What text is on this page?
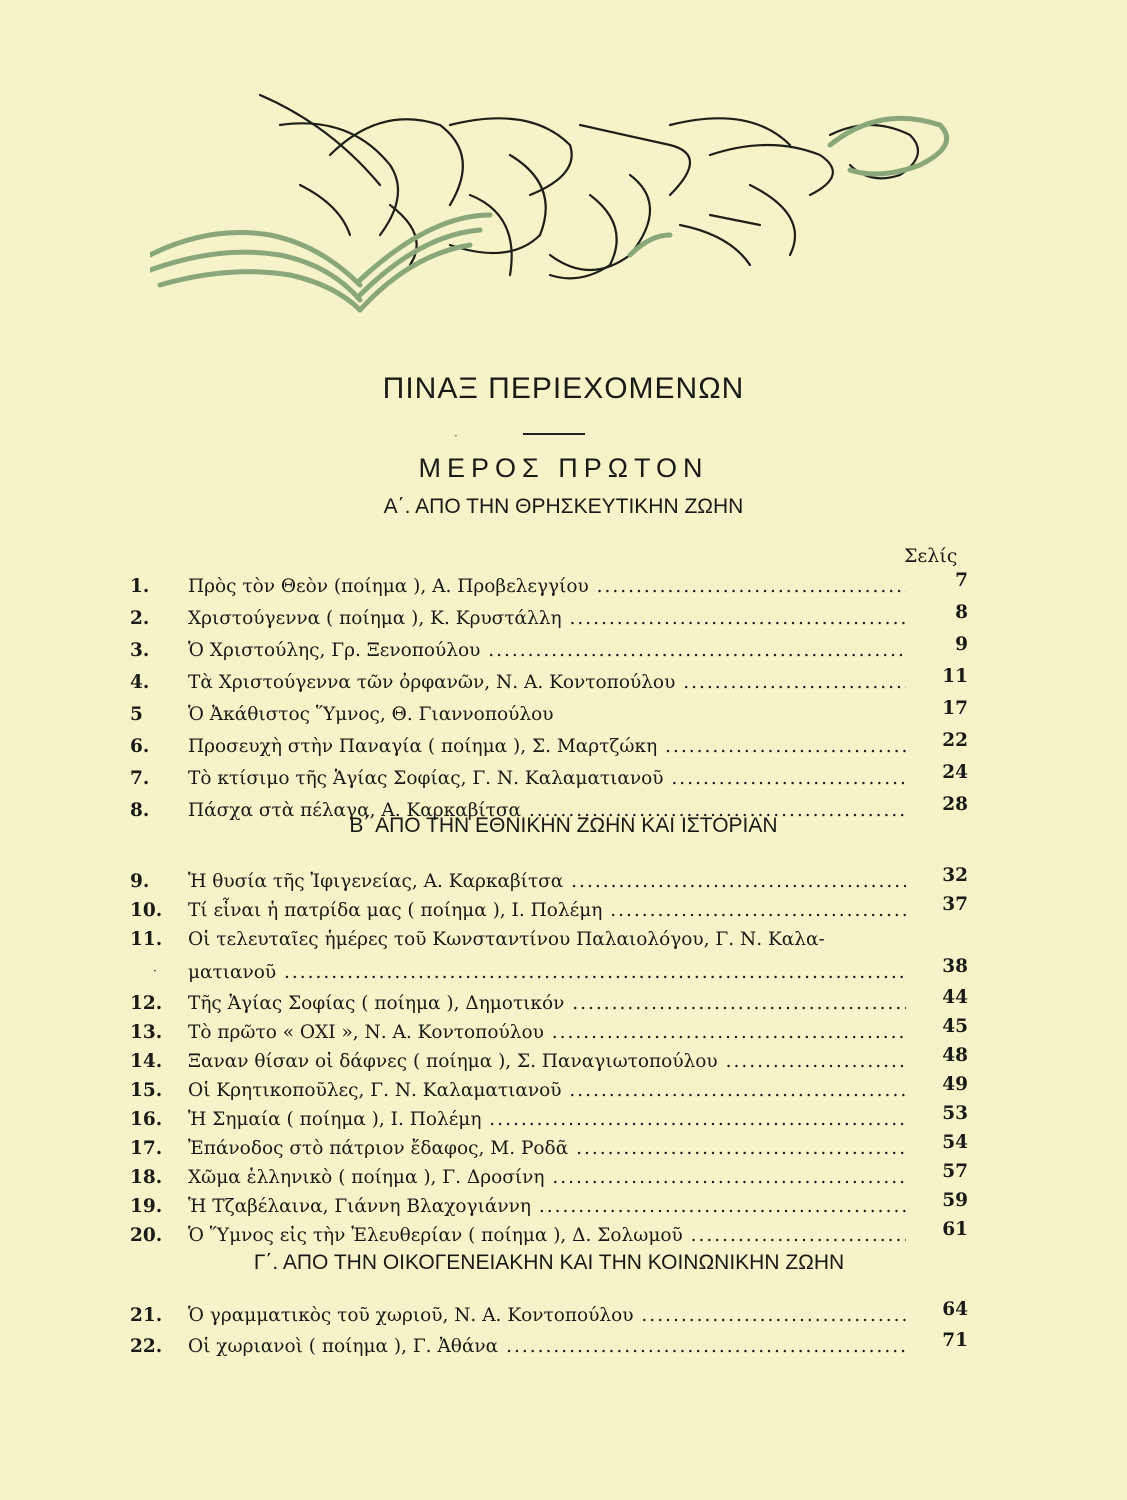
ΠΙΝΑΞ ΠΕΡΙΕΧΟΜΕΝΩΝ
·
ΜΕΡΟΣ ΠΡΩΤΟΝ
Α΄. ΑΠΟ ΤΗΝ ΘΡΗΣΚΕΥΤΙΚΗΝ ΖΩΗΝ
Σελίς
1.	Πρὸς τὸν Θεὸν (ποίημα ), Α. Προβελεγγίου .....	7
2.	Χριστούγεννα ( ποίημα ), Κ. Κρυστάλλη .....	8
3.	Ὁ Χριστούλης, Γρ. Ξενοπούλου .....	9
4.	Τὰ Χριστούγεννα τῶν ὀρφανῶν, Ν. Α. Κοντοπούλου .....	11
5	Ὁ Ἀκάθιστος Ὕμνος, Θ. Γιαννοπούλου	17
6.	Προσευχὴ στὴν Παναγία ( ποίημα ), Σ. Μαρτζώκη .....	22
7.	Τὸ κτίσιμο τῆς Ἁγίας Σοφίας, Γ. Ν. Καλαματιανοῦ .....	24
8.	Πάσχα στὰ πέλαγα, Α. Καρκαβίτσα .....	28
Β΄ ΑΠΟ ΤΗΝ ΕΘΝΙΚΗΝ ΖΩΗΝ ΚΑΙ ΙΣΤΟΡΙΑΝ
9.	Ἡ θυσία τῆς Ἰφιγενείας, Α. Καρκαβίτσα .....	32
10.	Τί εἶναι ἡ πατρίδα μας ( ποίημα ), Ι. Πολέμη .....	37
11.	Οἱ τελευταῖες ἡμέρες τοῦ Κωνσταντίνου Παλαιολόγου, Γ. Ν. Καλα-
· ματιανοῦ .....	38
12.	Τῆς Ἁγίας Σοφίας ( ποίημα ), Δημοτικόν .....	44
13.	Τὸ πρῶτο « ΟΧΙ », Ν. Α. Κοντοπούλου .....	45
14.	Ξαναν θίσαν οἱ δάφνες ( ποίημα ), Σ. Παναγιωτοπούλου .....	48
15.	Οἱ Κρητικοποῦλες, Γ. Ν. Καλαματιανοῦ .....	49
16.	Ἡ Σημαία ( ποίημα ), Ι. Πολέμη .....	53
17.	Ἐπάνοδος στὸ πάτριον ἔδαφος, Μ. Ροδᾶ .....	54
18.	Χῶμα ἑλληνικὸ ( ποίημα ), Γ. Δροσίνη .....	57
19.	Ἡ Τζαβέλαινα, Γιάννη Βλαχογιάννη .....	59
20.	Ὁ Ὕμνος εἰς τὴν Ἐλευθερίαν ( ποίημα ), Δ. Σολωμοῦ .....	61
Γ΄. ΑΠΟ ΤΗΝ ΟΙΚΟΓΕΝΕΙΑΚΗΝ ΚΑΙ ΤΗΝ ΚΟΙΝΩΝΙΚΗΝ ΖΩΗΝ
21.	Ὁ γραμματικὸς τοῦ χωριοῦ, Ν. Α. Κοντοπούλου .....	64
22.	Οἱ χωριανοὶ ( ποίημα ), Γ. Ἀθάνα .....	71
